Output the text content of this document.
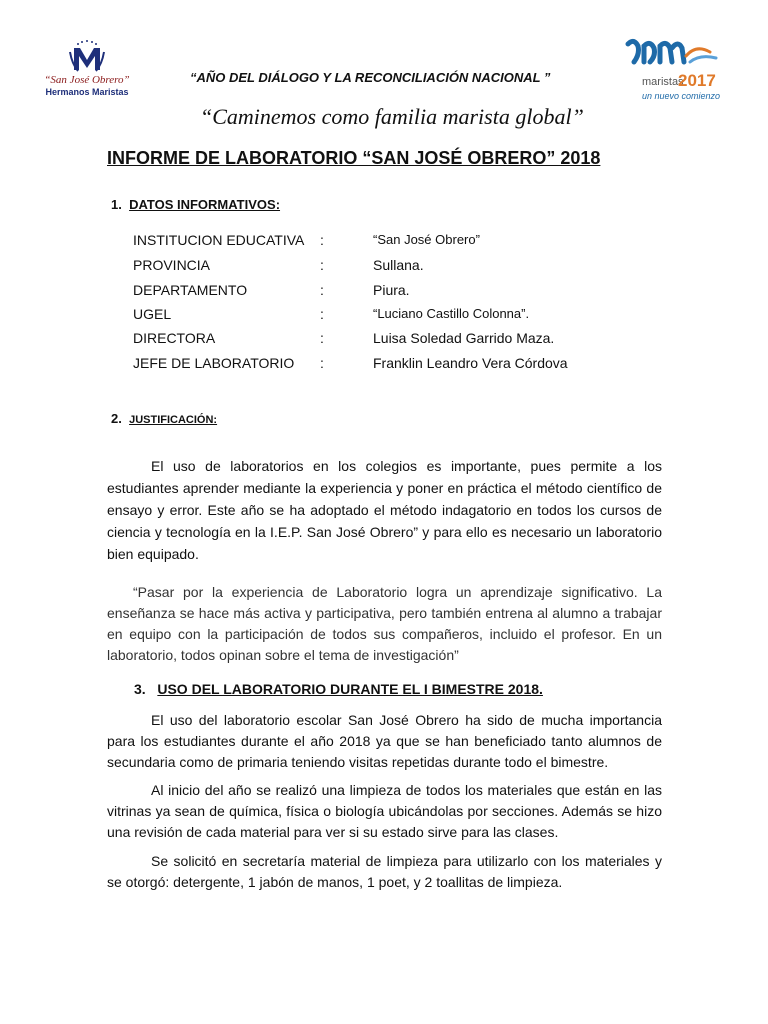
“San José Obrero”
Hermanos Maristas
maristas
2017
un nuevo comienzo
“AÑO DEL DIÁLOGO Y LA RECONCILIACIÓN NACIONAL ”
“Caminemos como familia marista global”
INFORME DE LABORATORIO “SAN JOSÉ OBRERO” 2018
1. DATOS INFORMATIVOS:
INSTITUCION EDUCATIVA :	“San José Obrero”
PROVINCIA	:	Sullana.
DEPARTAMENTO	:	Piura.
UGEL	:	“Luciano Castillo Colonna”.
DIRECTORA	:	Luisa Soledad Garrido Maza.
JEFE DE LABORATORIO :	Franklin Leandro Vera Córdova
2. JUSTIFICACIÓN:
El uso de laboratorios en los colegios es importante, pues permite a los estudiantes aprender mediante la experiencia y poner en práctica el método científico de ensayo y error. Este año se ha adoptado el método indagatorio en todos los cursos de ciencia y tecnología en la I.E.P. San José Obrero” y para ello es necesario un laboratorio bien equipado.
“Pasar por la experiencia de Laboratorio logra un aprendizaje significativo. La enseñanza se hace más activa y participativa, pero también entrena al alumno a trabajar en equipo con la participación de todos sus compañeros, incluido el profesor. En un laboratorio, todos opinan sobre el tema de investigación”
3. USO DEL LABORATORIO DURANTE EL I BIMESTRE 2018.
El uso del laboratorio escolar San José Obrero ha sido de mucha importancia para los estudiantes durante el año 2018 ya que se han beneficiado tanto alumnos de secundaria como de primaria teniendo visitas repetidas durante todo el bimestre.
Al inicio del año se realizó una limpieza de todos los materiales que están en las vitrinas ya sean de química, física o biología ubicándolas por secciones. Además se hizo una revisión de cada material para ver si su estado sirve para las clases.
Se solicitó en secretaría material de limpieza para utilizarlo con los materiales y se otorgó: detergente, 1 jabón de manos, 1 poet, y 2 toallitas de limpieza.
